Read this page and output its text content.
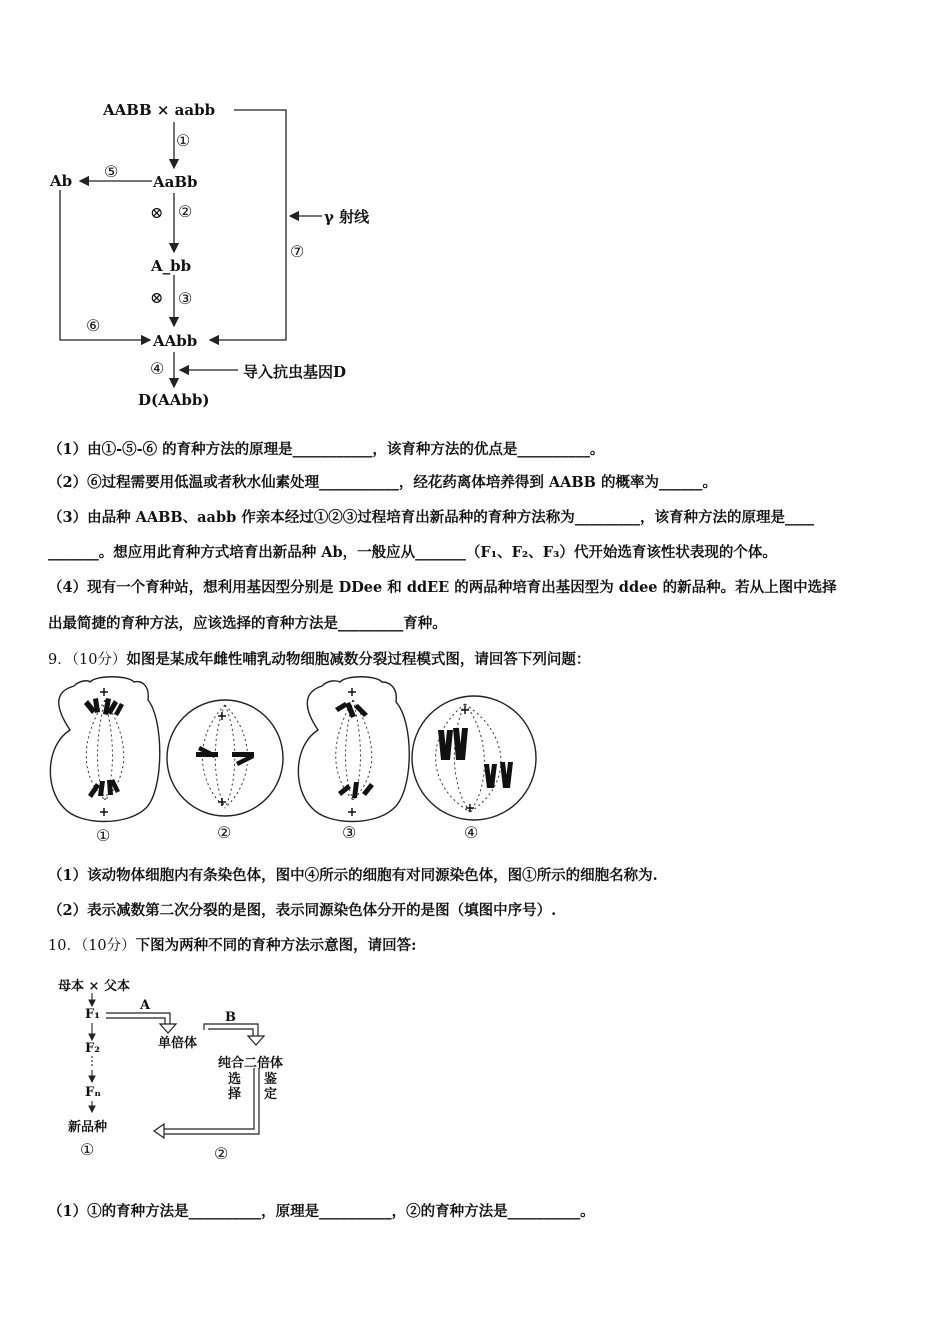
AABB × aabb
①
AaBb
Ab ⑤
⊗ ②	γ 射线
⑦
A_bb
⊗ ③
⑥
AAbb
④	导入抗虫基因D
D(AAbb)
（1）由①-⑤-⑥ 的育种方法的原理是___________，该育种方法的优点是__________。
（2）⑥过程需要用低温或者秋水仙素处理___________，经花药离体培养得到 AABB 的概率为______。
（3）由品种 AABB、aabb 作亲本经过①②③过程培育出新品种的育种方法称为_________，该育种方法的原理是____
_______。想应用此育种方式培育出新品种 Ab，一般应从_______（F₁、F₂、F₃）代开始选育该性状表现的个体。
（4）现有一个育种站，想利用基因型分别是 DDee 和 ddEE 的两品种培育出基因型为 ddee 的新品种。若从上图中选择
出最简捷的育种方法，应该选择的育种方法是_________育种。
9．（10分）如图是某成年雌性哺乳动物细胞减数分裂过程模式图，请回答下列问题：
①	②	③	④
（1）该动物体细胞内有条染色体，图中④所示的细胞有对同源染色体，图①所示的细胞名称为.
（2）表示减数第二次分裂的是图，表示同源染色体分开的是图（填图中序号）.
10．（10分）下图为两种不同的育种方法示意图，请回答:
母本 × 父本
F₁
F₂
Fₙ
新品种
A
B
单倍体
纯合二倍体
选择
鉴定
①	②
（1）①的育种方法是__________，原理是__________，②的育种方法是__________。
